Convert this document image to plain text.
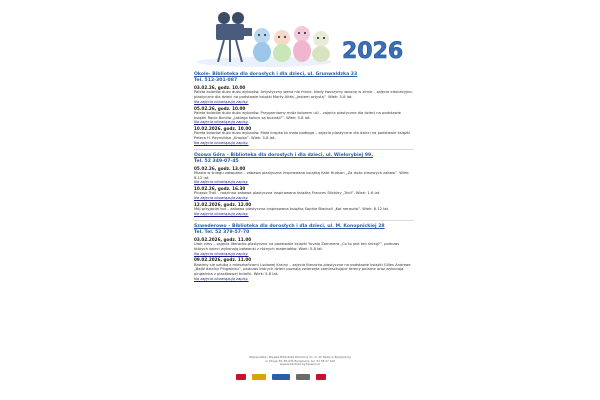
2026
Okole- Biblioteka dla dorosłych i dla dzieci, ul. Grunwaldzka 33
Tel. 512-301-087
03.02.26, godz. 10.00
Paleta kolorów dużo dużo wyborów. Artystyczny wena nie minie, kiedy tworzymy wiosnę w zimie – zajęcia edukacyjno-plastyczne dla dzieci na podstawie książki Marty Altés „Jestem artystą”. Wiek: 5-8 lat.
Na zajęcia obowiązują zapisy.
05.02.26, godz. 10.00
Paleta kolorów dużo dużo wyborów. Przygarniamy mróz kolorem uśl – zajęcia plastyczne dla dzieci na podstawie książki Rocio Bonilla „Jakiego koloru są buziaki?”. Wiek: 5-8 lat.
Na zajęcia obowiązują zapisy.
10.02.2026, godz. 10.00
Paleta kolorów dużo dużo wyborów. Mała kropka to mała podłoga – zajęcia plastyczne dla dzieci na podstawie książki Petera H. Reynoldsa „Kropka”. Wiek: 5-8 lat.
Na zajęcia obowiązują zapisy.
Osowa Góra – Biblioteka dla dorosłych i dla dzieci, ul. Wielorybiej 99,
Tel. 52 349-07-45
05.02.26, godz. 13.00
Miasto w śniegu zakopane – zabawa plastyczna inspirowana książką Kate Hudson „Za dużo zimowych zabaw”. Wiek: 8-12 lat.
Na zajęcia obowiązują zapisy.
10.02.26, godz. 16.30
Picasso Troll – rodzinna zabawa plastyczna inspirowana książką Frances Stickley „Troll”. Wiek: 1-6 lat.
Na zajęcia obowiązują zapisy.
12.02.2026, godz. 12.00
Mój przyjaciel kot – zabawa plastyczna inspirowana książką Sophie Blackall „Kot nerauda”. Wiek: 8-12 lat.
Na zajęcia obowiązują zapisy.
Szwederowo – Biblioteka dla dorosłych i dla dzieci, ul. M. Konopnickiej 28
Tel. Tel. 52 379-57-70
03.02.2026, godz. 11.00
Urok zimy – zajęcia literacko-plastyczne na podstawie książki Yuvala Zommera „Co to jest ten śnieg?”, podczas których dzieci wykonają bałwanki z różnych materiałów. Wiek: 5-8 lat.
Na zajęcia obowiązują zapisy.
09.02.2026, godz. 11.00
Bawimy się sztuką z mieszkańcami Ludowej Krainy – zajęcia literacko-plastyczne na podstawie książki Gilles Andreae „Bądź dzielny Pingwinku”, podczas których dzieci poznają zwierzęta zamieszkujące tereny polarne oraz wykonają pingwinka z plastikowej butelki. Wiek: 5-8 lat.
Na zajęcia obowiązują zapisy.
Wojewódzka i Miejska Biblioteka Publiczna im. dr. W. Bełzy w Bydgoszczy
ul. Długa 39, 85-034 Bydgoszcz, tel. 52 58 27 100
www.biblioteka.bydgoszcz.pl
